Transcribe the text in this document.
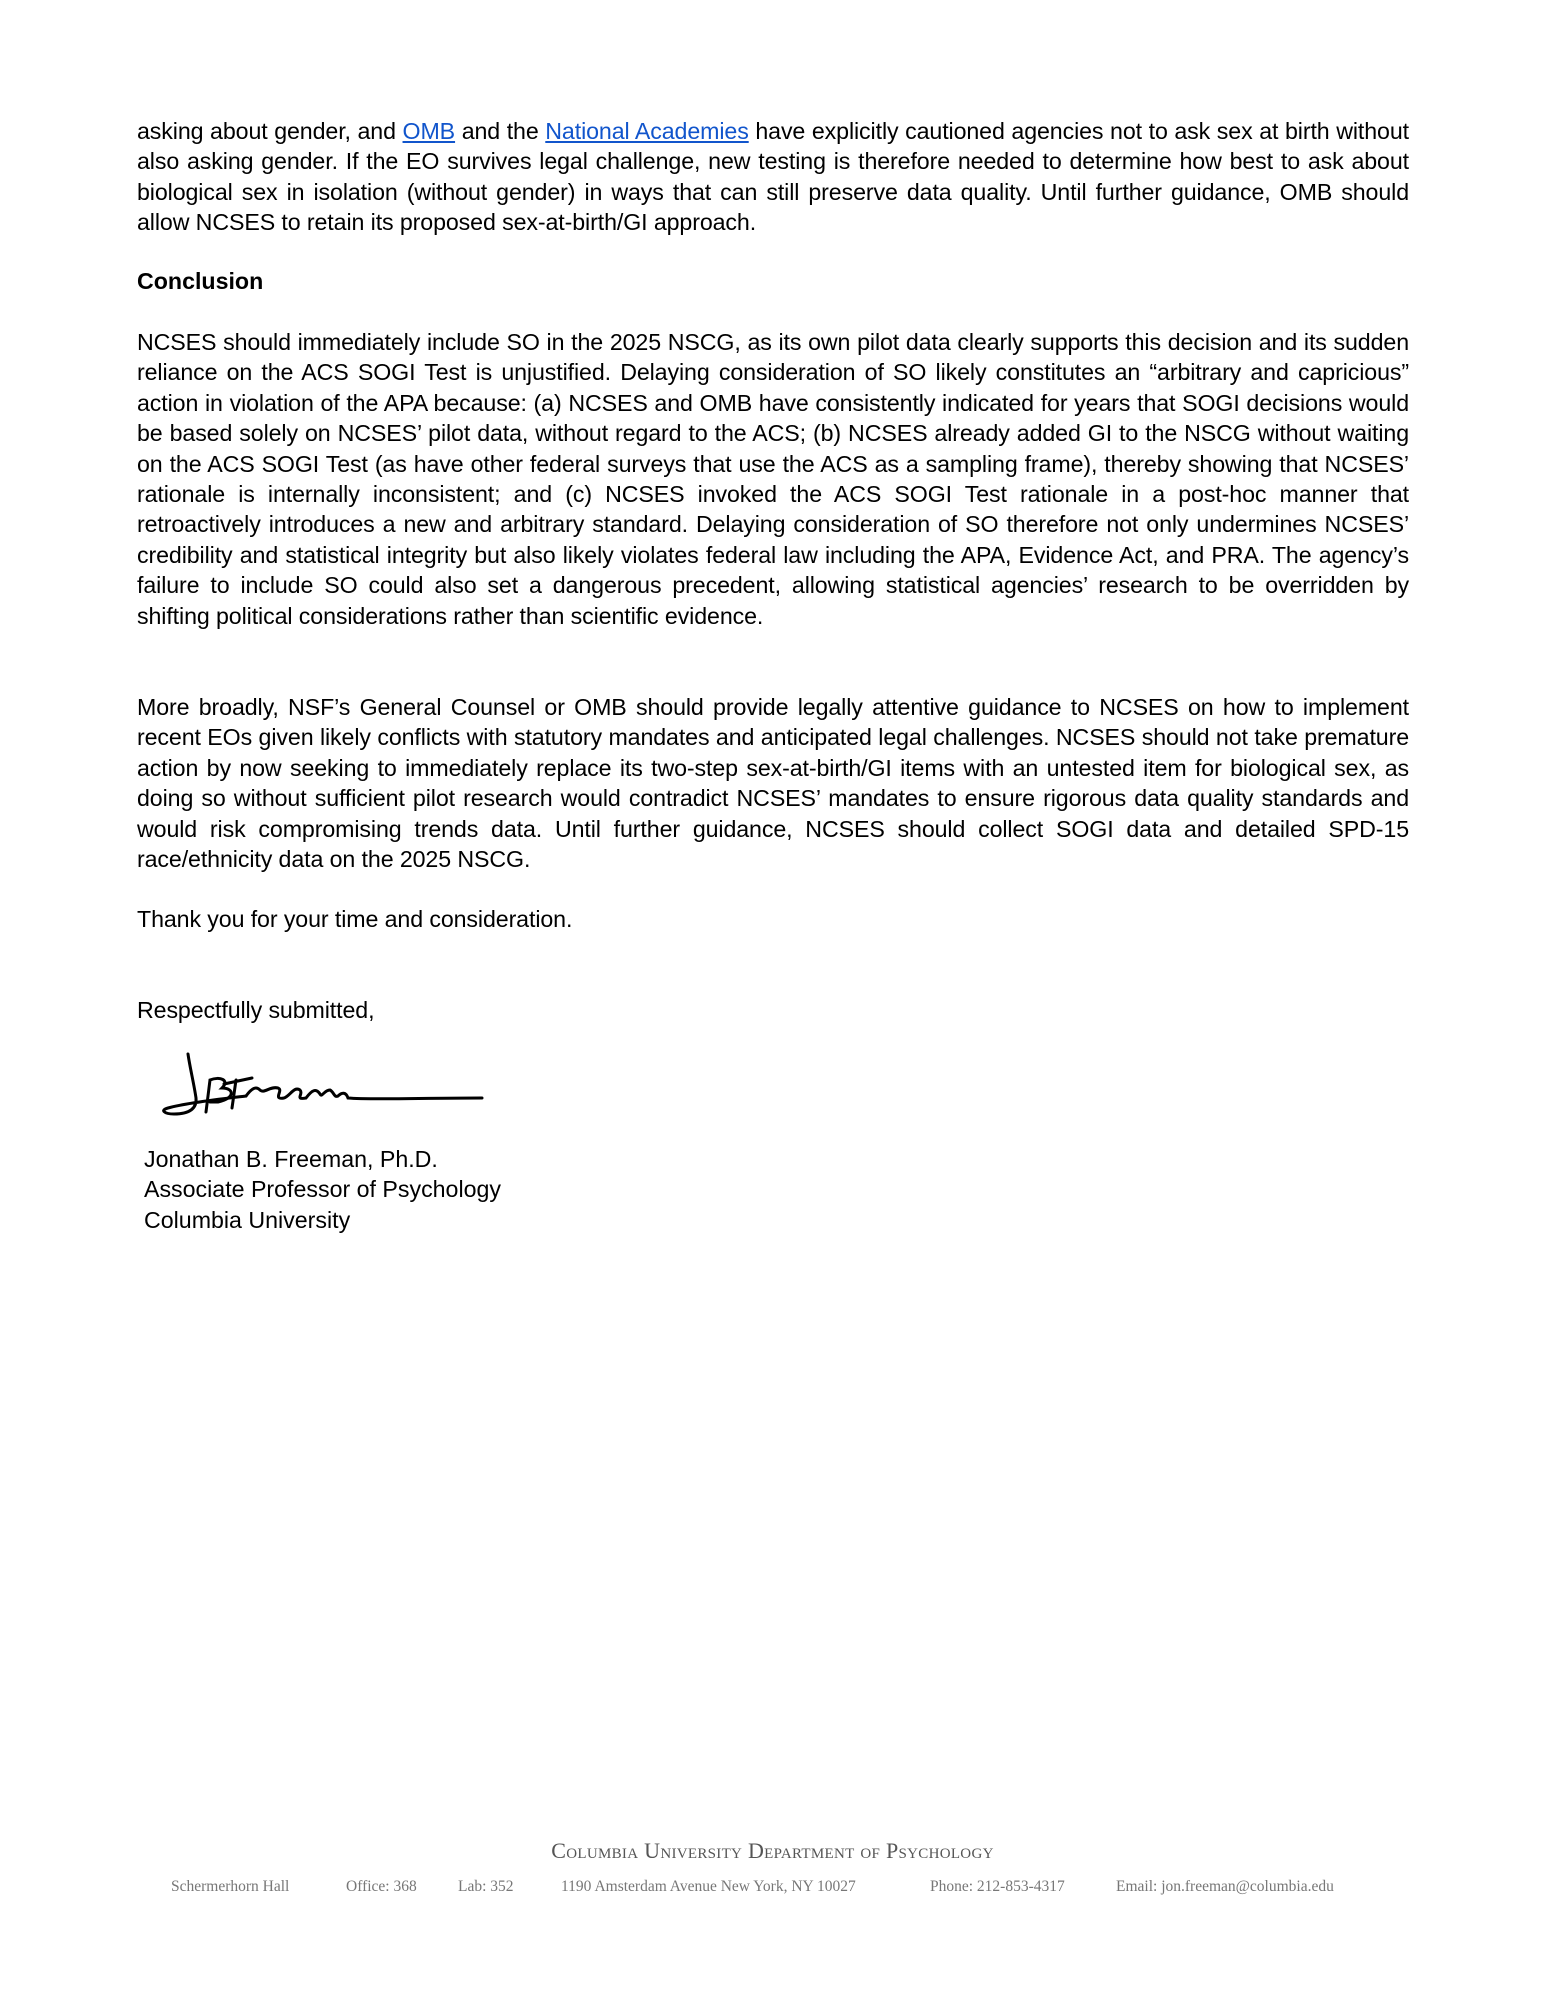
asking about gender, and OMB and the National Academies have explicitly cautioned agencies not to ask sex at birth without also asking gender. If the EO survives legal challenge, new testing is therefore needed to determine how best to ask about biological sex in isolation (without gender) in ways that can still preserve data quality. Until further guidance, OMB should allow NCSES to retain its proposed sex-at-birth/GI approach.

Conclusion

NCSES should immediately include SO in the 2025 NSCG, as its own pilot data clearly supports this decision and its sudden reliance on the ACS SOGI Test is unjustified. Delaying consideration of SO likely constitutes an “arbitrary and capricious” action in violation of the APA because: (a) NCSES and OMB have consistently indicated for years that SOGI decisions would be based solely on NCSES’ pilot data, without regard to the ACS; (b) NCSES already added GI to the NSCG without waiting on the ACS SOGI Test (as have other federal surveys that use the ACS as a sampling frame), thereby showing that NCSES’ rationale is internally inconsistent; and (c) NCSES invoked the ACS SOGI Test rationale in a post-hoc manner that retroactively introduces a new and arbitrary standard. Delaying consideration of SO therefore not only undermines NCSES’ credibility and statistical integrity but also likely violates federal law including the APA, Evidence Act, and PRA. The agency’s failure to include SO could also set a dangerous precedent, allowing statistical agencies’ research to be overridden by shifting political considerations rather than scientific evidence.

More broadly, NSF’s General Counsel or OMB should provide legally attentive guidance to NCSES on how to implement recent EOs given likely conflicts with statutory mandates and anticipated legal challenges. NCSES should not take premature action by now seeking to immediately replace its two-step sex-at-birth/GI items with an untested item for biological sex, as doing so without sufficient pilot research would contradict NCSES’ mandates to ensure rigorous data quality standards and would risk compromising trends data. Until further guidance, NCSES should collect SOGI data and detailed SPD-15 race/ethnicity data on the 2025 NSCG.

Thank you for your time and consideration.
Respectfully submitted,
Jonathan B. Freeman, Ph.D.
Associate Professor of Psychology
Columbia University
Columbia University Department of Psychology
Schermerhorn Hall	Office: 368	Lab: 352	1190 Amsterdam Avenue New York, NY 10027	Phone: 212-853-4317	Email: jon.freeman@columbia.edu
